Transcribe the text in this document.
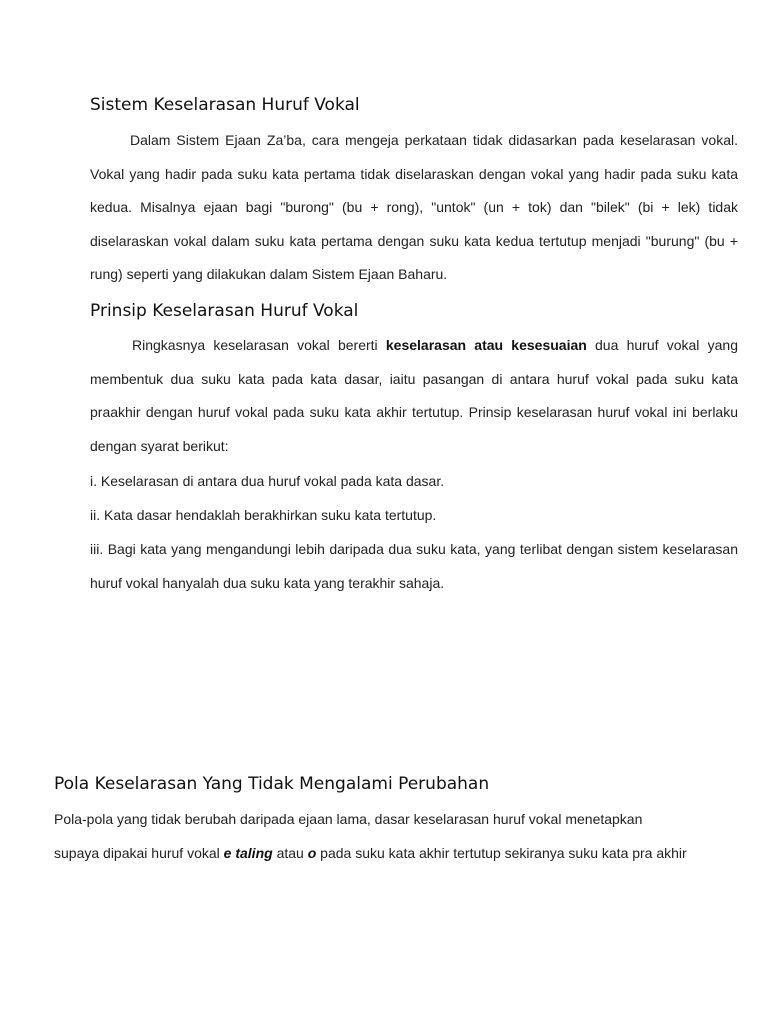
Sistem Keselarasan Huruf Vokal

Dalam Sistem Ejaan Za’ba, cara mengeja perkataan tidak didasarkan pada keselarasan vokal. Vokal yang hadir pada suku kata pertama tidak diselaraskan dengan vokal yang hadir pada suku kata kedua. Misalnya ejaan bagi "burong" (bu + rong), "untok" (un + tok) dan "bilek" (bi + lek) tidak diselaraskan vokal dalam suku kata pertama dengan suku kata kedua tertutup menjadi "burung" (bu + rung) seperti yang dilakukan dalam Sistem Ejaan Baharu.

Prinsip Keselarasan Huruf Vokal

Ringkasnya keselarasan vokal bererti keselarasan atau kesesuaian dua huruf vokal yang membentuk dua suku kata pada kata dasar, iaitu pasangan di antara huruf vokal pada suku kata praakhir dengan huruf vokal pada suku kata akhir tertutup. Prinsip keselarasan huruf vokal ini berlaku dengan syarat berikut:

i. Keselarasan di antara dua huruf vokal pada kata dasar.

ii. Kata dasar hendaklah berakhirkan suku kata tertutup.

iii. Bagi kata yang mengandungi lebih daripada dua suku kata, yang terlibat dengan sistem keselarasan huruf vokal hanyalah dua suku kata yang terakhir sahaja.

Pola Keselarasan Yang Tidak Mengalami Perubahan

Pola-pola yang tidak berubah daripada ejaan lama, dasar keselarasan huruf vokal menetapkan

supaya dipakai huruf vokal e taling atau o pada suku kata akhir tertutup sekiranya suku kata pra akhir
